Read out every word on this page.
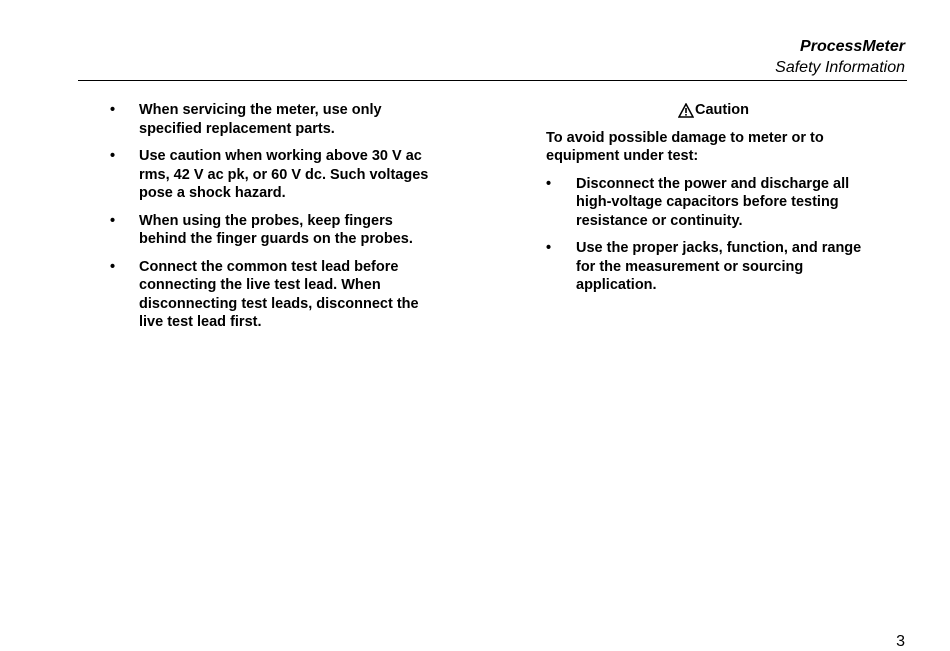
ProcessMeter
Safety Information
• When servicing the meter, use only specified replacement parts.
• Use caution when working above 30 V ac rms, 42 V ac pk, or 60 V dc. Such voltages pose a shock hazard.
• When using the probes, keep fingers behind the finger guards on the probes.
• Connect the common test lead before connecting the live test lead. When disconnecting test leads, disconnect the live test lead first.
Caution
To avoid possible damage to meter or to equipment under test:
• Disconnect the power and discharge all high-voltage capacitors before testing resistance or continuity.
• Use the proper jacks, function, and range for the measurement or sourcing application.
3
